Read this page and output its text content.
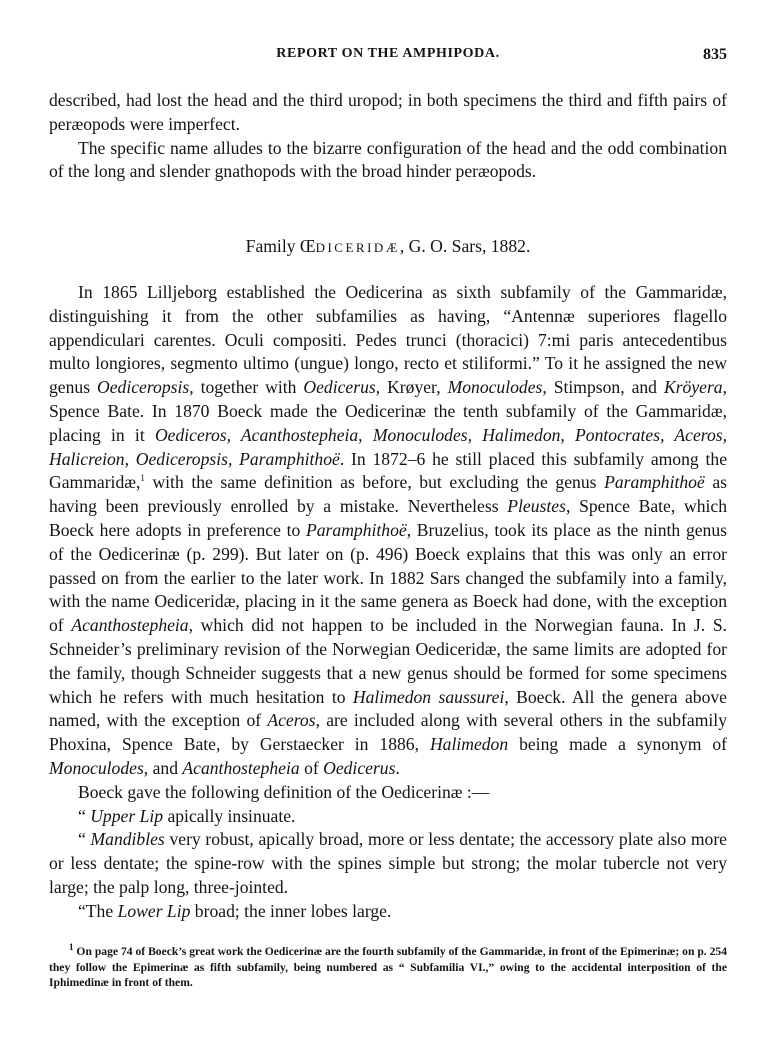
REPORT ON THE AMPHIPODA.	835

described, had lost the head and the third uropod; in both specimens the third and fifth pairs of peræopods were imperfect.

The specific name alludes to the bizarre configuration of the head and the odd combination of the long and slender gnathopods with the broad hinder peræopods.

Family ŒDICERIDÆ, G. O. Sars, 1882.

In 1865 Lilljeborg established the Oedicerina as sixth subfamily of the Gammaridæ, distinguishing it from the other subfamilies as having, “Antennæ superiores flagello appendiculari carentes. Oculi compositi. Pedes trunci (thoracici) 7:mi paris antecedentibus multo longiores, segmento ultimo (ungue) longo, recto et stiliformi.” To it he assigned the new genus Oediceropsis, together with Oedicerus, Krøyer, Monoculodes, Stimpson, and Kröyera, Spence Bate. In 1870 Boeck made the Oedicerinæ the tenth subfamily of the Gammaridæ, placing in it Oediceros, Acanthostepheia, Monoculodes, Halimedon, Pontocrates, Aceros, Halicreion, Oediceropsis, Paramphithoë. In 1872–6 he still placed this subfamily among the Gammaridæ,$^1$ with the same definition as before, but excluding the genus Paramphithoë as having been previously enrolled by a mistake. Nevertheless Pleustes, Spence Bate, which Boeck here adopts in preference to Paramphithoë, Bruzelius, took its place as the ninth genus of the Oedicerinæ (p. 299). But later on (p. 496) Boeck explains that this was only an error passed on from the earlier to the later work. In 1882 Sars changed the subfamily into a family, with the name Oediceridæ, placing in it the same genera as Boeck had done, with the exception of Acanthostepheia, which did not happen to be included in the Norwegian fauna. In J. S. Schneider’s preliminary revision of the Norwegian Oediceridæ, the same limits are adopted for the family, though Schneider suggests that a new genus should be formed for some specimens which he refers with much hesitation to Halimedon saussurei, Boeck. All the genera above named, with the exception of Aceros, are included along with several others in the subfamily Phoxina, Spence Bate, by Gerstaecker in 1886, Halimedon being made a synonym of Monoculodes, and Acanthostepheia of Oedicerus.

Boeck gave the following definition of the Oedicerinæ :—

“ Upper Lip apically insinuate.

“ Mandibles very robust, apically broad, more or less dentate; the accessory plate also more or less dentate; the spine-row with the spines simple but strong; the molar tubercle not very large; the palp long, three-jointed.

“The Lower Lip broad; the inner lobes large.

$^1$ On page 74 of Boeck’s great work the Oedicerinæ are the fourth subfamily of the Gammaridæ, in front of the Epimerinæ; on p. 254 they follow the Epimerinæ as fifth subfamily, being numbered as “ Subfamilia VI.,” owing to the accidental interposition of the Iphimedinæ in front of them.
